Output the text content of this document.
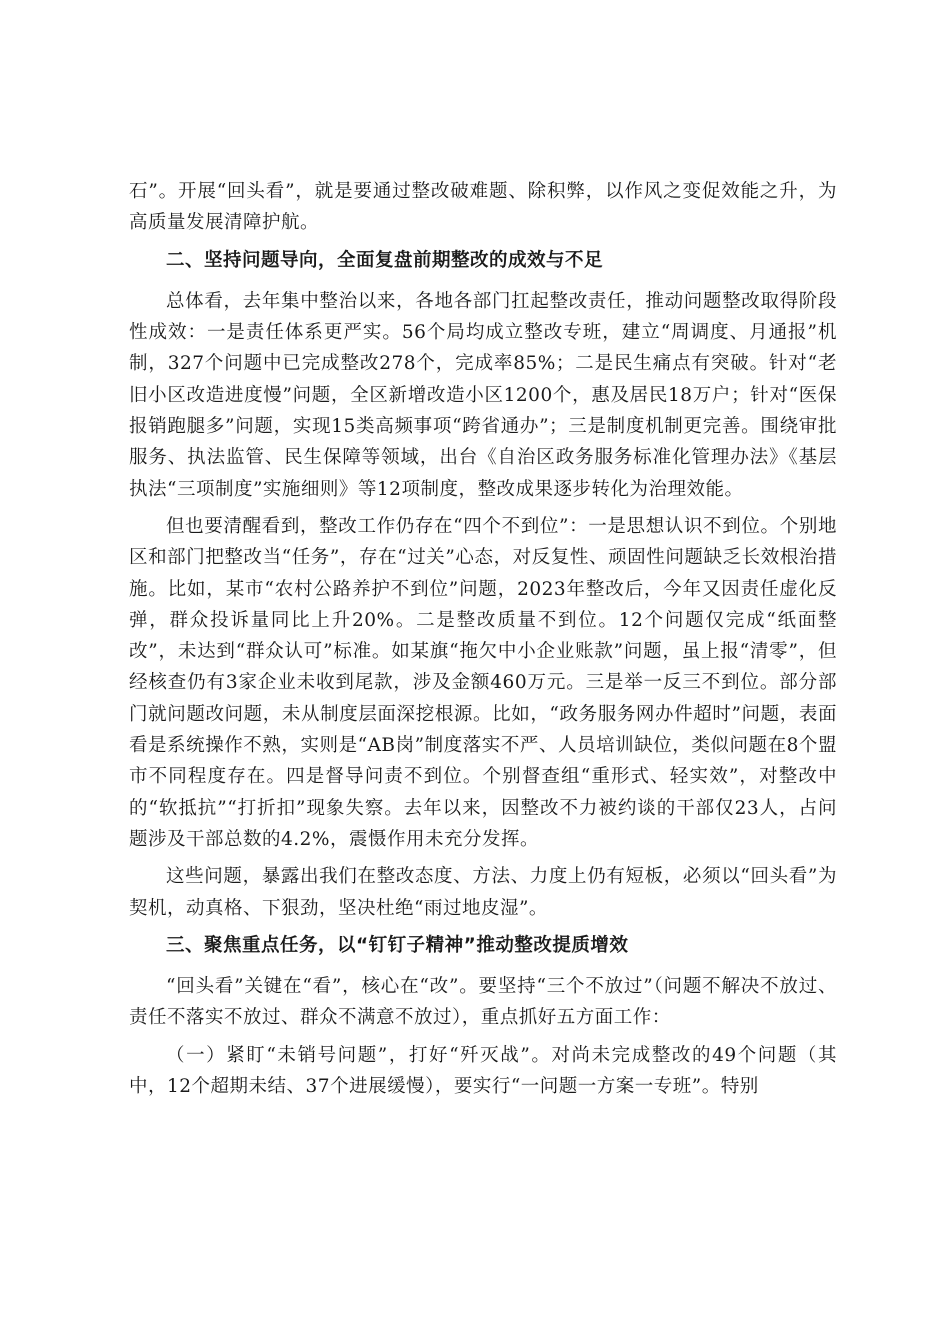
石”。开展“回头看”，就是要通过整改破难题、除积弊，以作风之变促效能之升，为高质量发展清障护航。

二、坚持问题导向，全面复盘前期整改的成效与不足

总体看，去年集中整治以来，各地各部门扛起整改责任，推动问题整改取得阶段性成效：一是责任体系更严实。56个局均成立整改专班，建立“周调度、月通报”机制，327个问题中已完成整改278个，完成率85%；二是民生痛点有突破。针对“老旧小区改造进度慢”问题，全区新增改造小区1200个，惠及居民18万户；针对“医保报销跑腿多”问题，实现15类高频事项“跨省通办”；三是制度机制更完善。围绕审批服务、执法监管、民生保障等领域，出台《自治区政务服务标准化管理办法》《基层执法“三项制度”实施细则》等12项制度，整改成果逐步转化为治理效能。

但也要清醒看到，整改工作仍存在“四个不到位”：一是思想认识不到位。个别地区和部门把整改当“任务”，存在“过关”心态，对反复性、顽固性问题缺乏长效根治措施。比如，某市“农村公路养护不到位”问题，2023年整改后，今年又因责任虚化反弹，群众投诉量同比上升20%。二是整改质量不到位。12个问题仅完成“纸面整改”，未达到“群众认可”标准。如某旗“拖欠中小企业账款”问题，虽上报“清零”，但经核查仍有3家企业未收到尾款，涉及金额460万元。三是举一反三不到位。部分部门就问题改问题，未从制度层面深挖根源。比如，“政务服务网办件超时”问题，表面看是系统操作不熟，实则是“AB岗”制度落实不严、人员培训缺位，类似问题在8个盟市不同程度存在。四是督导问责不到位。个别督查组“重形式、轻实效”，对整改中的“软抵抗”“打折扣”现象失察。去年以来，因整改不力被约谈的干部仅23人，占问题涉及干部总数的4.2%，震慑作用未充分发挥。

这些问题，暴露出我们在整改态度、方法、力度上仍有短板，必须以“回头看”为契机，动真格、下狠劲，坚决杜绝“雨过地皮湿”。

三、聚焦重点任务，以“钉钉子精神”推动整改提质增效

“回头看”关键在“看”，核心在“改”。要坚持“三个不放过”（问题不解决不放过、责任不落实不放过、群众不满意不放过），重点抓好五方面工作：

（一）紧盯“未销号问题”，打好“歼灭战”。对尚未完成整改的49个问题（其中，12个超期未结、37个进展缓慢），要实行“一问题一方案一专班”。特别
